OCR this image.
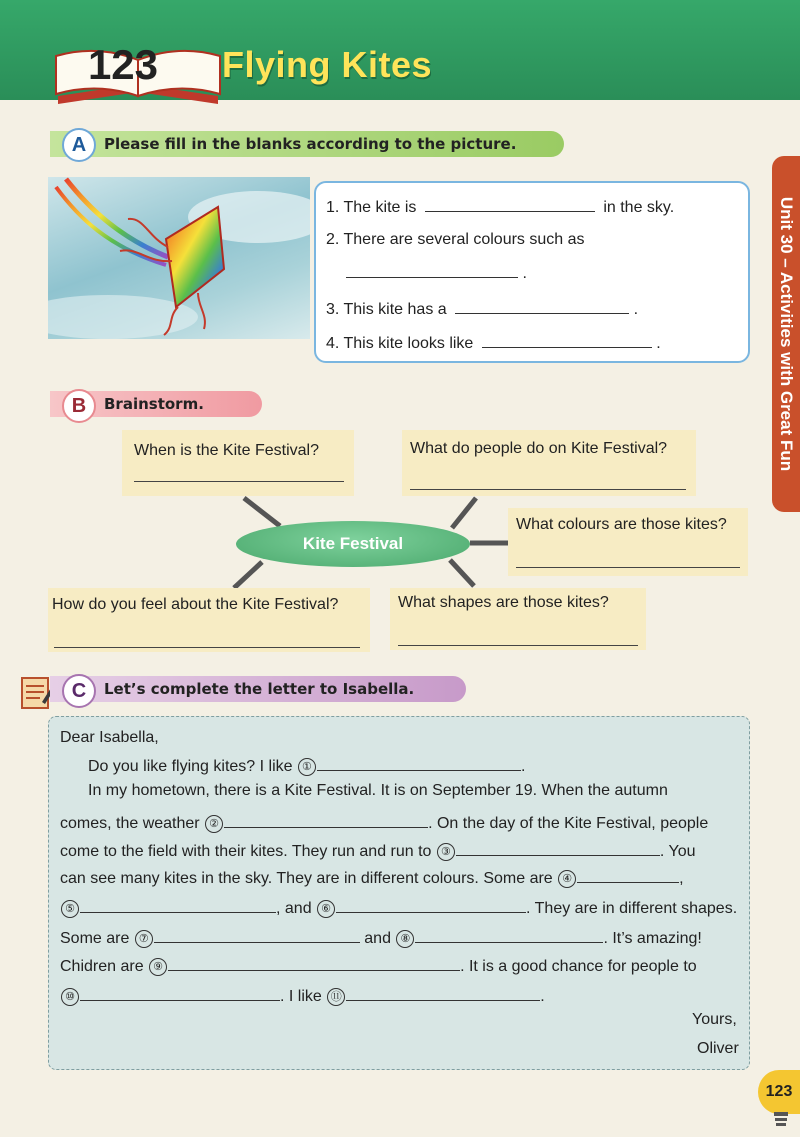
123	Flying Kites
Unit 30 – Activities with Great Fun
A	Please fill in the blanks according to the picture.
1. The kite is	in the sky.
2. There are several colours such as
.
3. This kite has a	.
4. This kite looks like	.
B	Brainstorm.
When is the Kite Festival?	What do people do on Kite Festival?
What colours are those kites?
How do you feel about the Kite Festival?	What shapes are those kites?
Kite Festival
C	Let’s complete the letter to Isabella.
Dear Isabella,
Do you like flying kites? I like ①	.
In my hometown, there is a Kite Festival. It is on September 19. When the autumn
comes, the weather ②	. On the day of the Kite Festival, people
come to the field with their kites. They run and run to ③	. You
can see many kites in the sky. They are in different colours. Some are ④	,
⑤	, and ⑥	. They are in different shapes.
Some are ⑦	and ⑧	. It’s amazing!
Chidren are ⑨	. It is a good chance for people to
⑩	. I like ⑪	.
Yours,
Oliver
123
